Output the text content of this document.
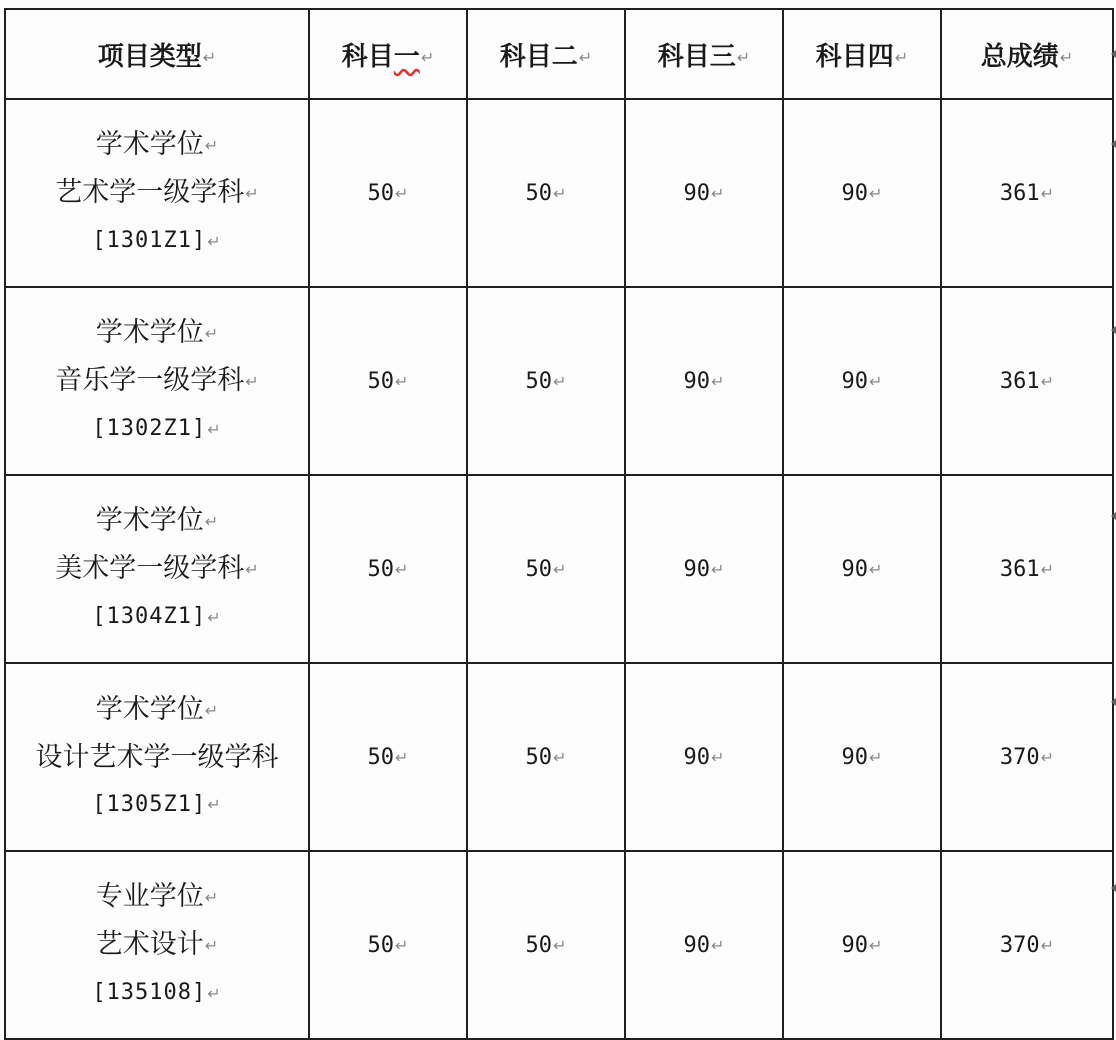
项目类型↵	科目一↵	科目二↵	科目三↵	科目四↵	总成绩↵

学术学位↵
艺术学一级学科↵
[1301Z1]↵	50↵	50↵	90↵	90↵	361↵

学术学位↵
音乐学一级学科↵
[1302Z1]↵	50↵	50↵	90↵	90↵	361↵

学术学位↵
美术学一级学科↵
[1304Z1]↵	50↵	50↵	90↵	90↵	361↵

学术学位↵
设计艺术学一级学科
[1305Z1]↵	50↵	50↵	90↵	90↵	370↵

专业学位↵
艺术设计↵
[135108]↵	50↵	50↵	90↵	90↵	370↵
